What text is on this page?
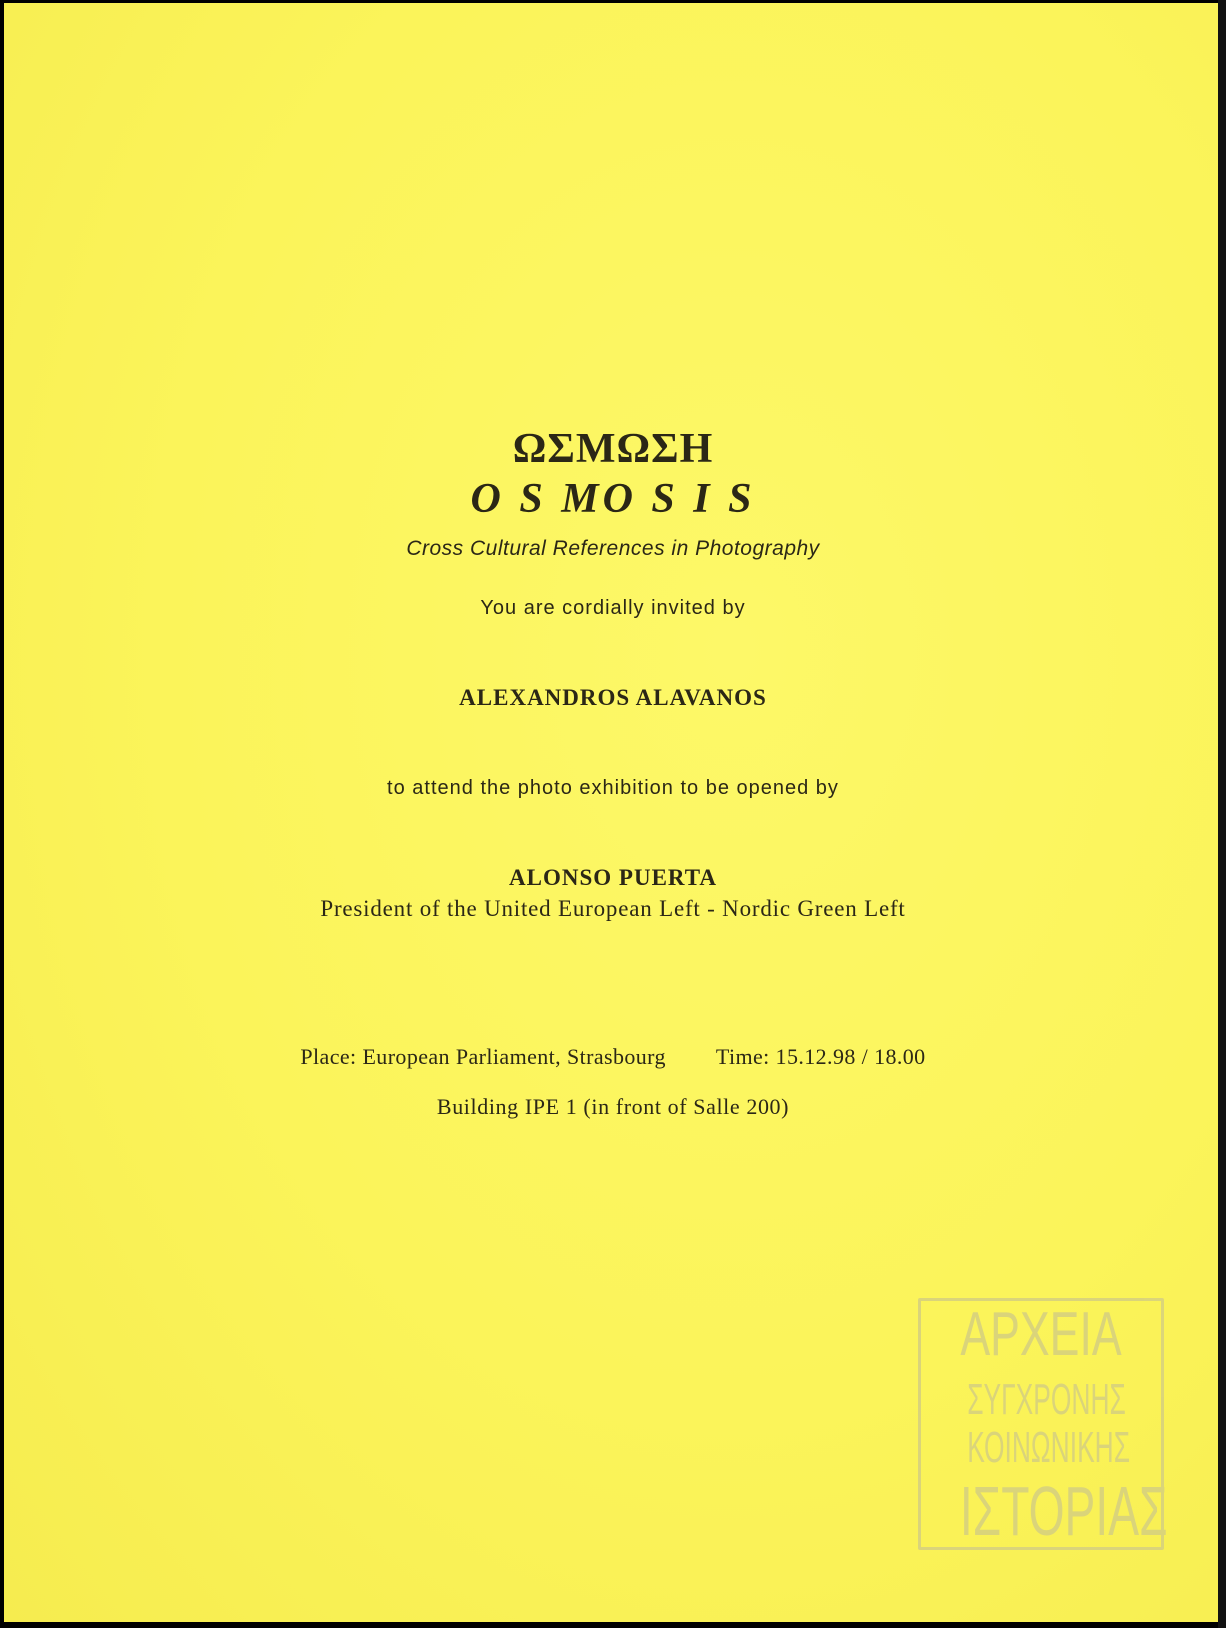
ΩΣΜΩΣΗ
O S MO S I S
Cross Cultural References in Photography
You are cordially invited by
ALEXANDROS ALAVANOS
to attend the photo exhibition to be opened by
ALONSO PUERTA
President of the United European Left - Nordic Green Left
Place: European Parliament, Strasbourg Time: 15.12.98 / 18.00
Building IPE 1 (in front of Salle 200)
ΑΡΧΕΙΑ
ΣΥΓΧΡΟΝΗΣ
ΚΟΙΝΩΝΙΚΗΣ
ΙΣΤΟΡΙΑΣ
